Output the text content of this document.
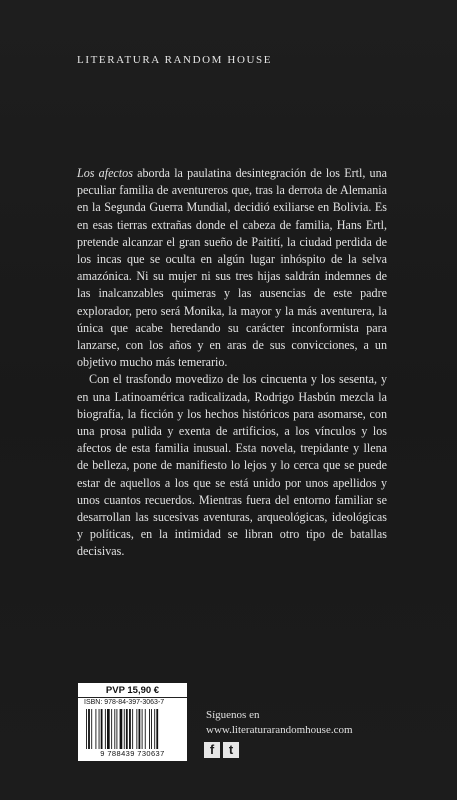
LITERATURA RANDOM HOUSE

Los afectos aborda la paulatina desintegración de los Ertl, una peculiar familia de aventureros que, tras la derrota de Alemania en la Segunda Guerra Mundial, decidió exiliarse en Bolivia. Es en esas tierras extrañas donde el cabeza de familia, Hans Ertl, pretende alcanzar el gran sueño de Paitití, la ciudad perdida de los incas que se oculta en algún lugar inhóspito de la selva amazónica. Ni su mujer ni sus tres hijas saldrán indemnes de las inalcanzables quimeras y las ausencias de este padre explorador, pero será Monika, la mayor y la más aventurera, la única que acabe heredando su carácter inconformista para lanzarse, con los años y en aras de sus convicciones, a un objetivo mucho más temerario.

Con el trasfondo movedizo de los cincuenta y los sesenta, y en una Latinoamérica radicalizada, Rodrigo Hasbún mezcla la biografía, la ficción y los hechos históricos para asomarse, con una prosa pulida y exenta de artificios, a los vínculos y los afectos de esta familia inusual. Esta novela, trepidante y llena de belleza, pone de manifiesto lo lejos y lo cerca que se puede estar de aquellos a los que se está unido por unos apellidos y unos cuantos recuerdos. Mientras fuera del entorno familiar se desarrollan las sucesivas aventuras, arqueológicas, ideológicas y políticas, en la intimidad se libran otro tipo de batallas decisivas.

PVP 15,90 €
ISBN: 978-84-397-3063-7
9 788439 730637
Síguenos en
www.literaturarandomhouse.com
f	t
